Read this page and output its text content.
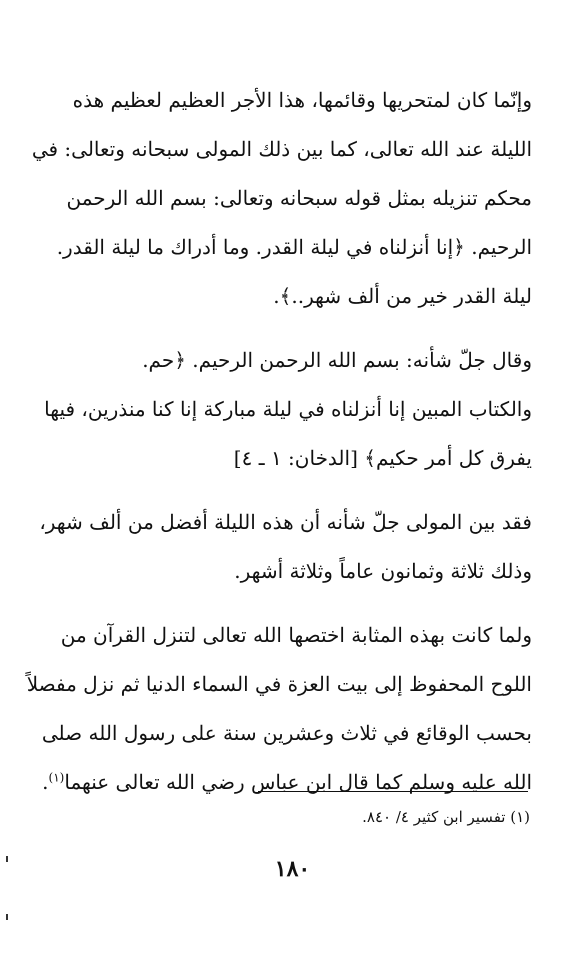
وإنّما كان لمتحريها وقائمها، هذا الأجر العظيم لعظيم هذه
الليلة عند الله تعالى، كما بين ذلك المولى سبحانه وتعالى: في
محكم تنزيله بمثل قوله سبحانه وتعالى: بسم الله الرحمن
الرحيم. ﴿إنا أنزلناه في ليلة القدر. وما أدراك ما ليلة القدر.
ليلة القدر خير من ألف شهر..﴾.

وقال جلّ شأنه: بسم الله الرحمن الرحيم. ﴿حم.
والكتاب المبين إنا أنزلناه في ليلة مباركة إنا كنا منذرين، فيها
يفرق كل أمر حكيم﴾ [الدخان: ١ ـ ٤]

فقد بين المولى جلّ شأنه أن هذه الليلة أفضل من ألف شهر،
وذلك ثلاثة وثمانون عاماً وثلاثة أشهر.

ولما كانت بهذه المثابة اختصها الله تعالى لتنزل القرآن من
اللوح المحفوظ إلى بيت العزة في السماء الدنيا ثم نزل مفصلاً
بحسب الوقائع في ثلاث وعشرين سنة على رسول الله صلى
الله عليه وسلم كما قال ابن عباس رضي الله تعالى عنهما$^{(١)}$.

(١) تفسير ابن كثير ٤/ ٨٤٠.
١٨٠
